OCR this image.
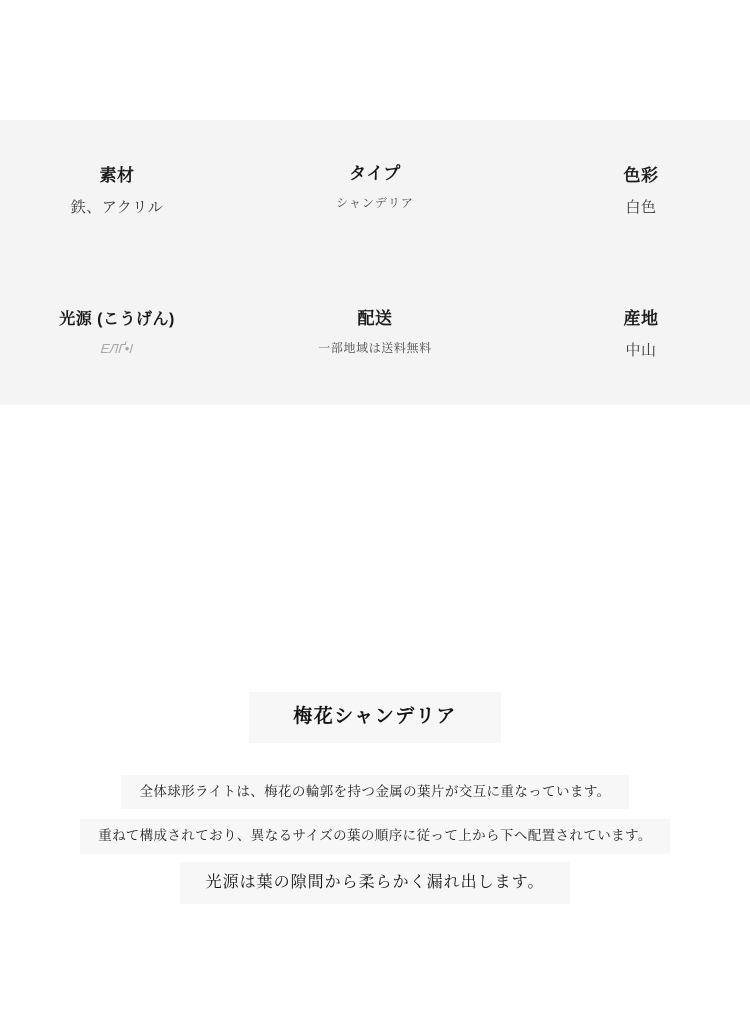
素材
鉄、アクリル
タイプ
シャンデリア
色彩
白色
光源 (こうげん)
ЕЛҐ•Ӏ
配送
一部地域は送料無料
産地
中山
梅花シャンデリア
全体球形ライトは、梅花の輪郭を持つ金属の葉片が交互に重なっています。
重ねて構成されており、異なるサイズの葉の順序に従って上から下へ配置されています。
光源は葉の隙間から柔らかく漏れ出します。
